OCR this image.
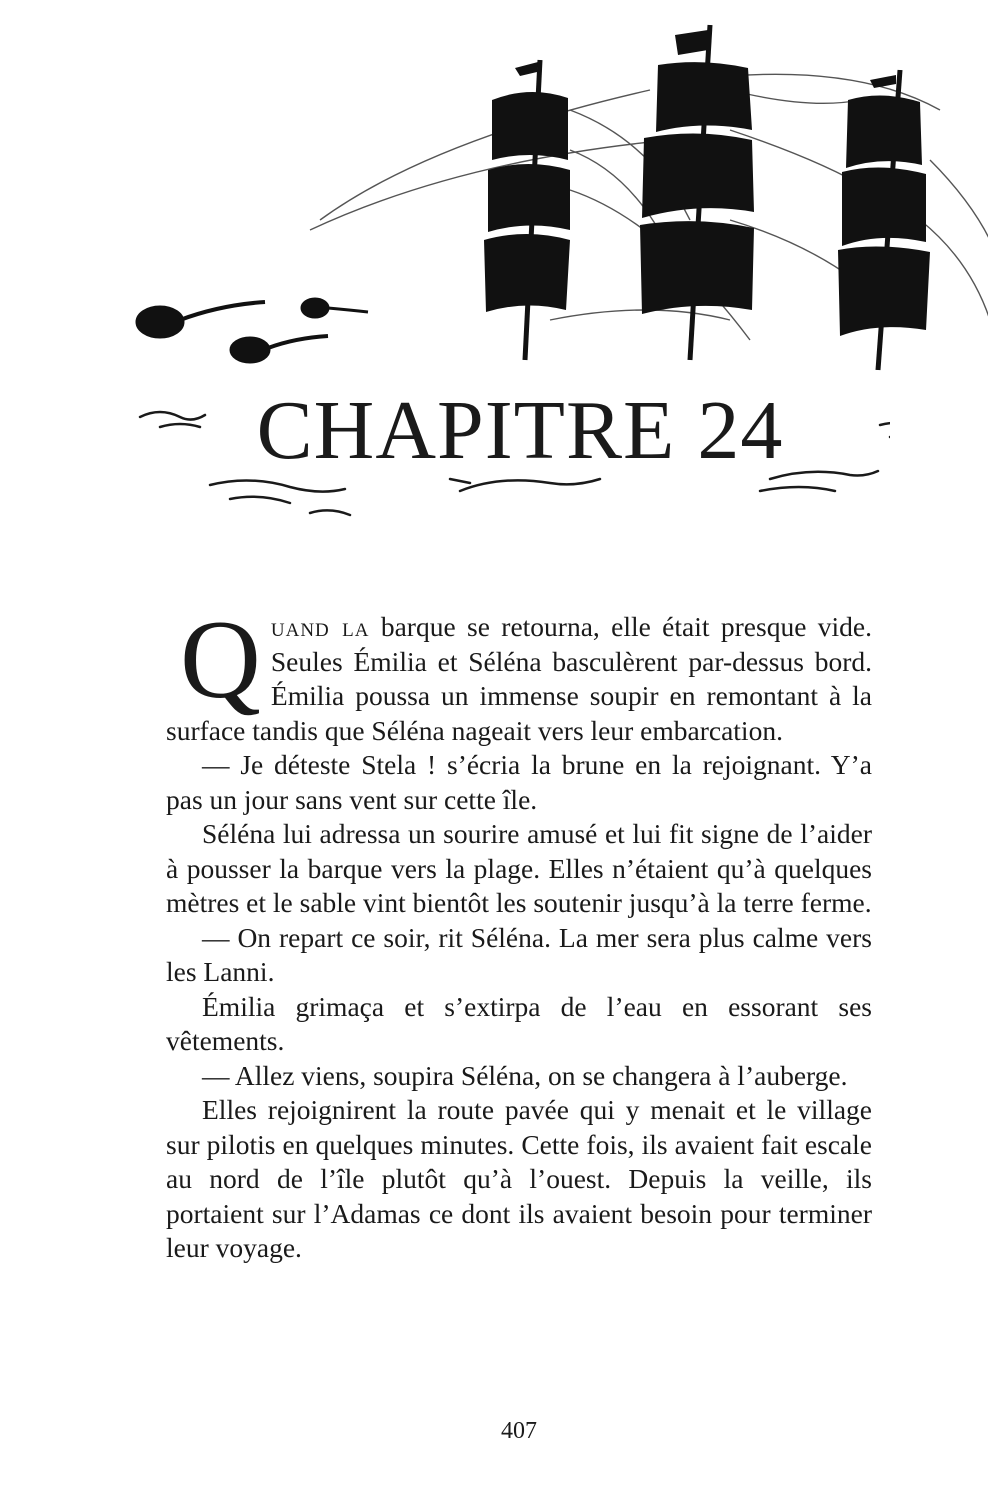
CHAPITRE 24

Quand la barque se retourna, elle était presque vide. Seules Émilia et Séléna basculèrent par-dessus bord. Émilia poussa un immense soupir en remontant à la surface tandis que Séléna nageait vers leur embarcation.

— Je déteste Stela ! s’écria la brune en la rejoignant. Y’a pas un jour sans vent sur cette île.

Séléna lui adressa un sourire amusé et lui fit signe de l’aider à pousser la barque vers la plage. Elles n’étaient qu’à quelques mètres et le sable vint bientôt les soutenir jusqu’à la terre ferme.

— On repart ce soir, rit Séléna. La mer sera plus calme vers les Lanni.

Émilia grimaça et s’extirpa de l’eau en essorant ses vêtements.

— Allez viens, soupira Séléna, on se changera à l’auberge.

Elles rejoignirent la route pavée qui y menait et le village sur pilotis en quelques minutes. Cette fois, ils avaient fait escale au nord de l’île plutôt qu’à l’ouest. Depuis la veille, ils portaient sur l’Adamas ce dont ils avaient besoin pour terminer leur voyage.

407
